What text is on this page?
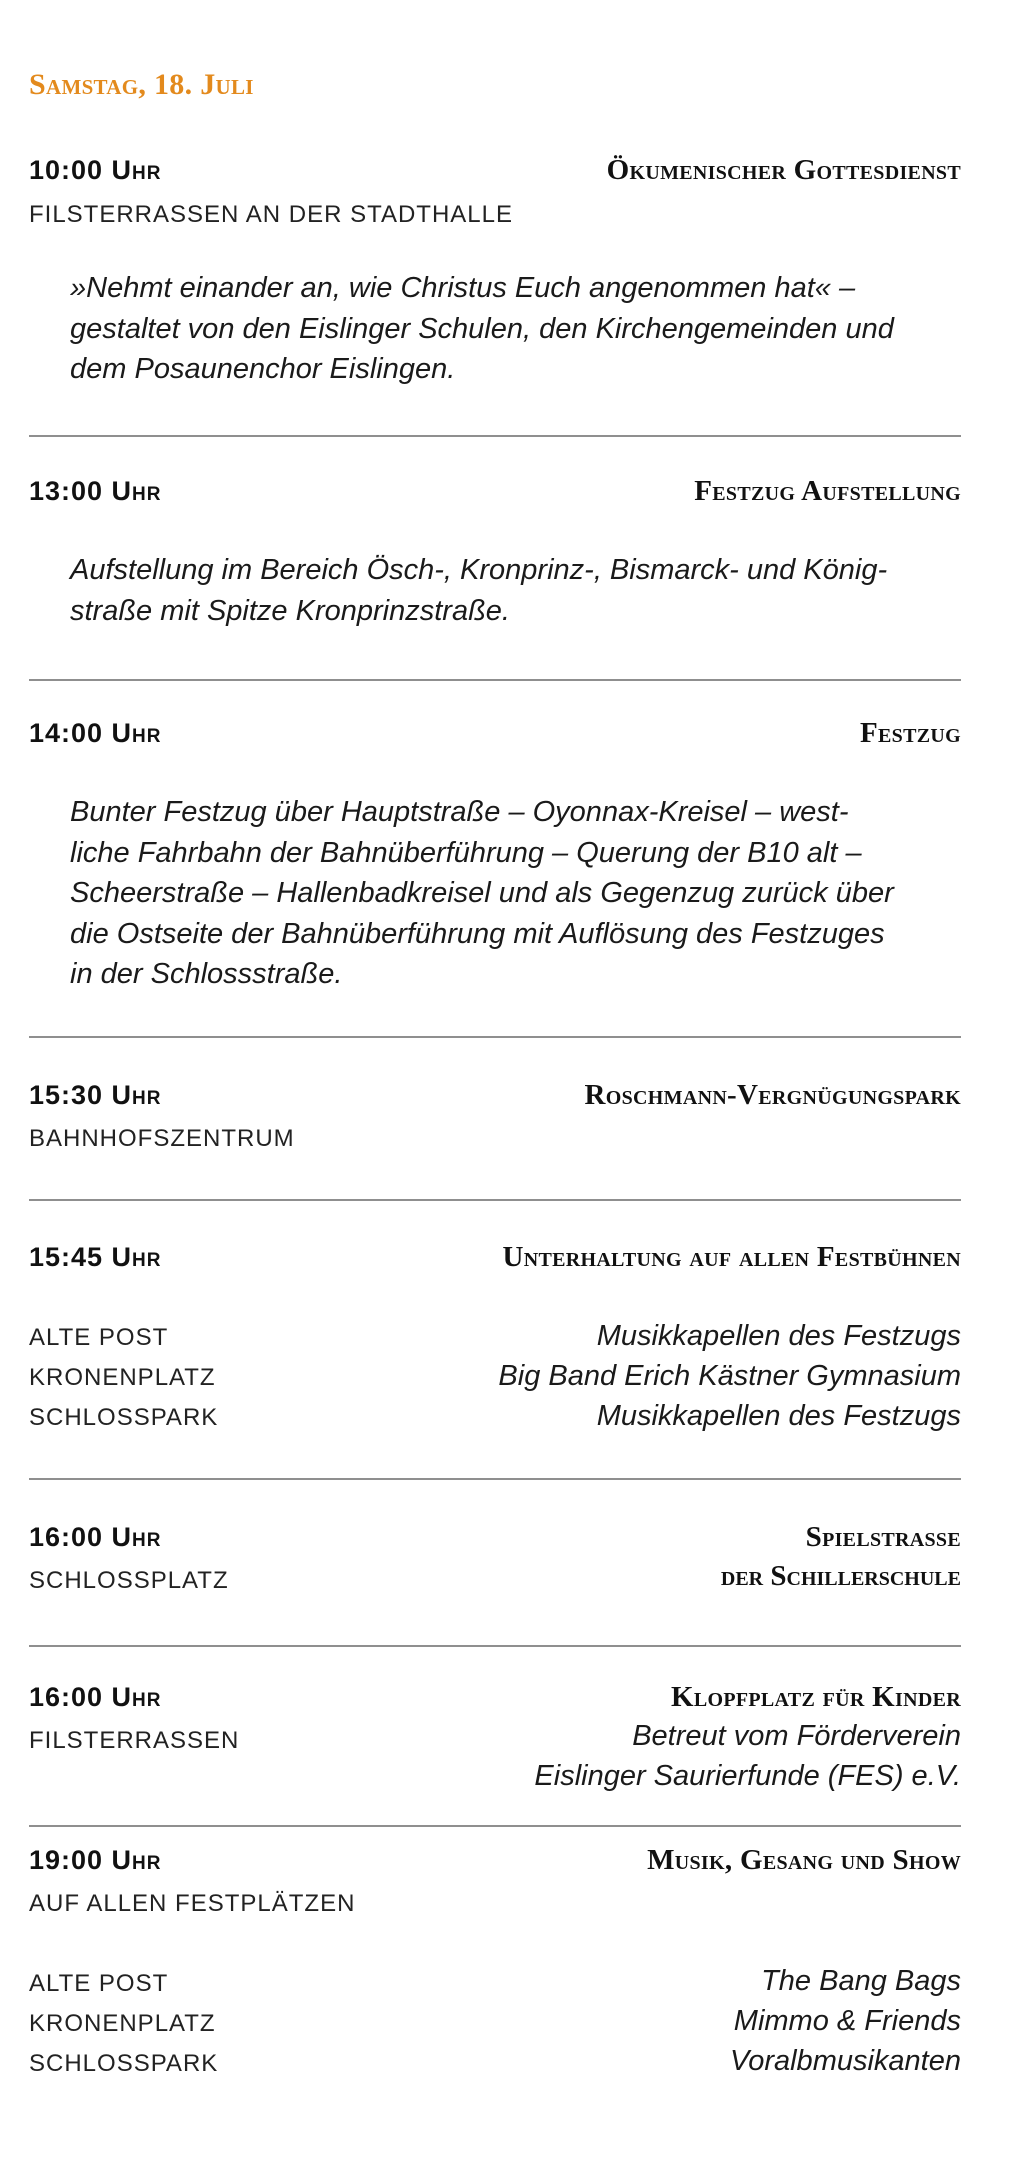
Samstag, 18. Juli
10:00 Uhr	Ökumenischer Gottesdienst
FILSTERRASSEN AN DER STADTHALLE
»Nehmt einander an, wie Christus Euch angenommen hat« –
gestaltet von den Eislinger Schulen, den Kirchengemeinden und
dem Posaunenchor Eislingen.
13:00 Uhr	Festzug Aufstellung
Aufstellung im Bereich Ösch-, Kronprinz-, Bismarck- und König-
straße mit Spitze Kronprinzstraße.
14:00 Uhr	Festzug
Bunter Festzug über Hauptstraße – Oyonnax-Kreisel – west-
liche Fahrbahn der Bahnüberführung – Querung der B10 alt –
Scheerstraße – Hallenbadkreisel und als Gegenzug zurück über
die Ostseite der Bahnüberführung mit Auflösung des Festzuges
in der Schlossstraße.
15:30 Uhr	Roschmann-Vergnügungspark
BAHNHOFSZENTRUM
15:45 Uhr	Unterhaltung auf allen Festbühnen
ALTE POST	Musikkapellen des Festzugs
KRONENPLATZ	Big Band Erich Kästner Gymnasium
SCHLOSSPARK	Musikkapellen des Festzugs
16:00 Uhr	Spielstrasse
SCHLOSSPLATZ	der Schillerschule
16:00 Uhr	Klopfplatz für Kinder
FILSTERRASSEN	Betreut vom Förderverein
Eislinger Saurierfunde (FES) e.V.
19:00 Uhr	Musik, Gesang und Show
AUF ALLEN FESTPLÄTZEN
ALTE POST	The Bang Bags
KRONENPLATZ	Mimmo & Friends
SCHLOSSPARK	Voralbmusikanten
